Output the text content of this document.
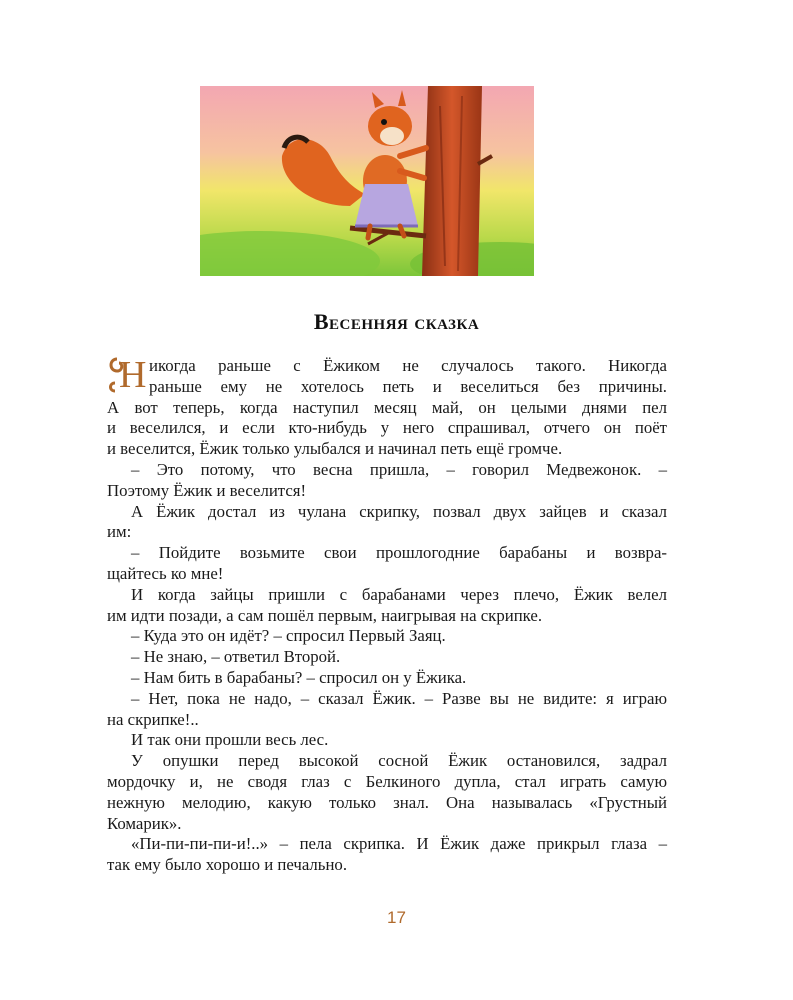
Весенняя сказка
Н икогда раньше с Ёжиком не случалось такого. Никогда
раньше ему не хотелось петь и веселиться без причины.
А вот теперь, когда наступил месяц май, он целыми днями пел
и веселился, и если кто-нибудь у него спрашивал, отчего он поёт
и веселится, Ёжик только улыбался и начинал петь ещё громче.
– Это потому, что весна пришла, – говорил Медвежонок. –
Поэтому Ёжик и веселится!
А Ёжик достал из чулана скрипку, позвал двух зайцев и сказал
им:
– Пойдите возьмите свои прошлогодние барабаны и возвра-
щайтесь ко мне!
И когда зайцы пришли с барабанами через плечо, Ёжик велел
им идти позади, а сам пошёл первым, наигрывая на скрипке.
– Куда это он идёт? – спросил Первый Заяц.
– Не знаю, – ответил Второй.
– Нам бить в барабаны? – спросил он у Ёжика.
– Нет, пока не надо, – сказал Ёжик. – Разве вы не видите: я играю
на скрипке!..
И так они прошли весь лес.
У опушки перед высокой сосной Ёжик остановился, задрал
мордочку и, не сводя глаз с Белкиного дупла, стал играть самую
нежную мелодию, какую только знал. Она называлась «Грустный
Комарик».
«Пи-пи-пи-пи-и!..» – пела скрипка. И Ёжик даже прикрыл глаза –
так ему было хорошо и печально.
17
